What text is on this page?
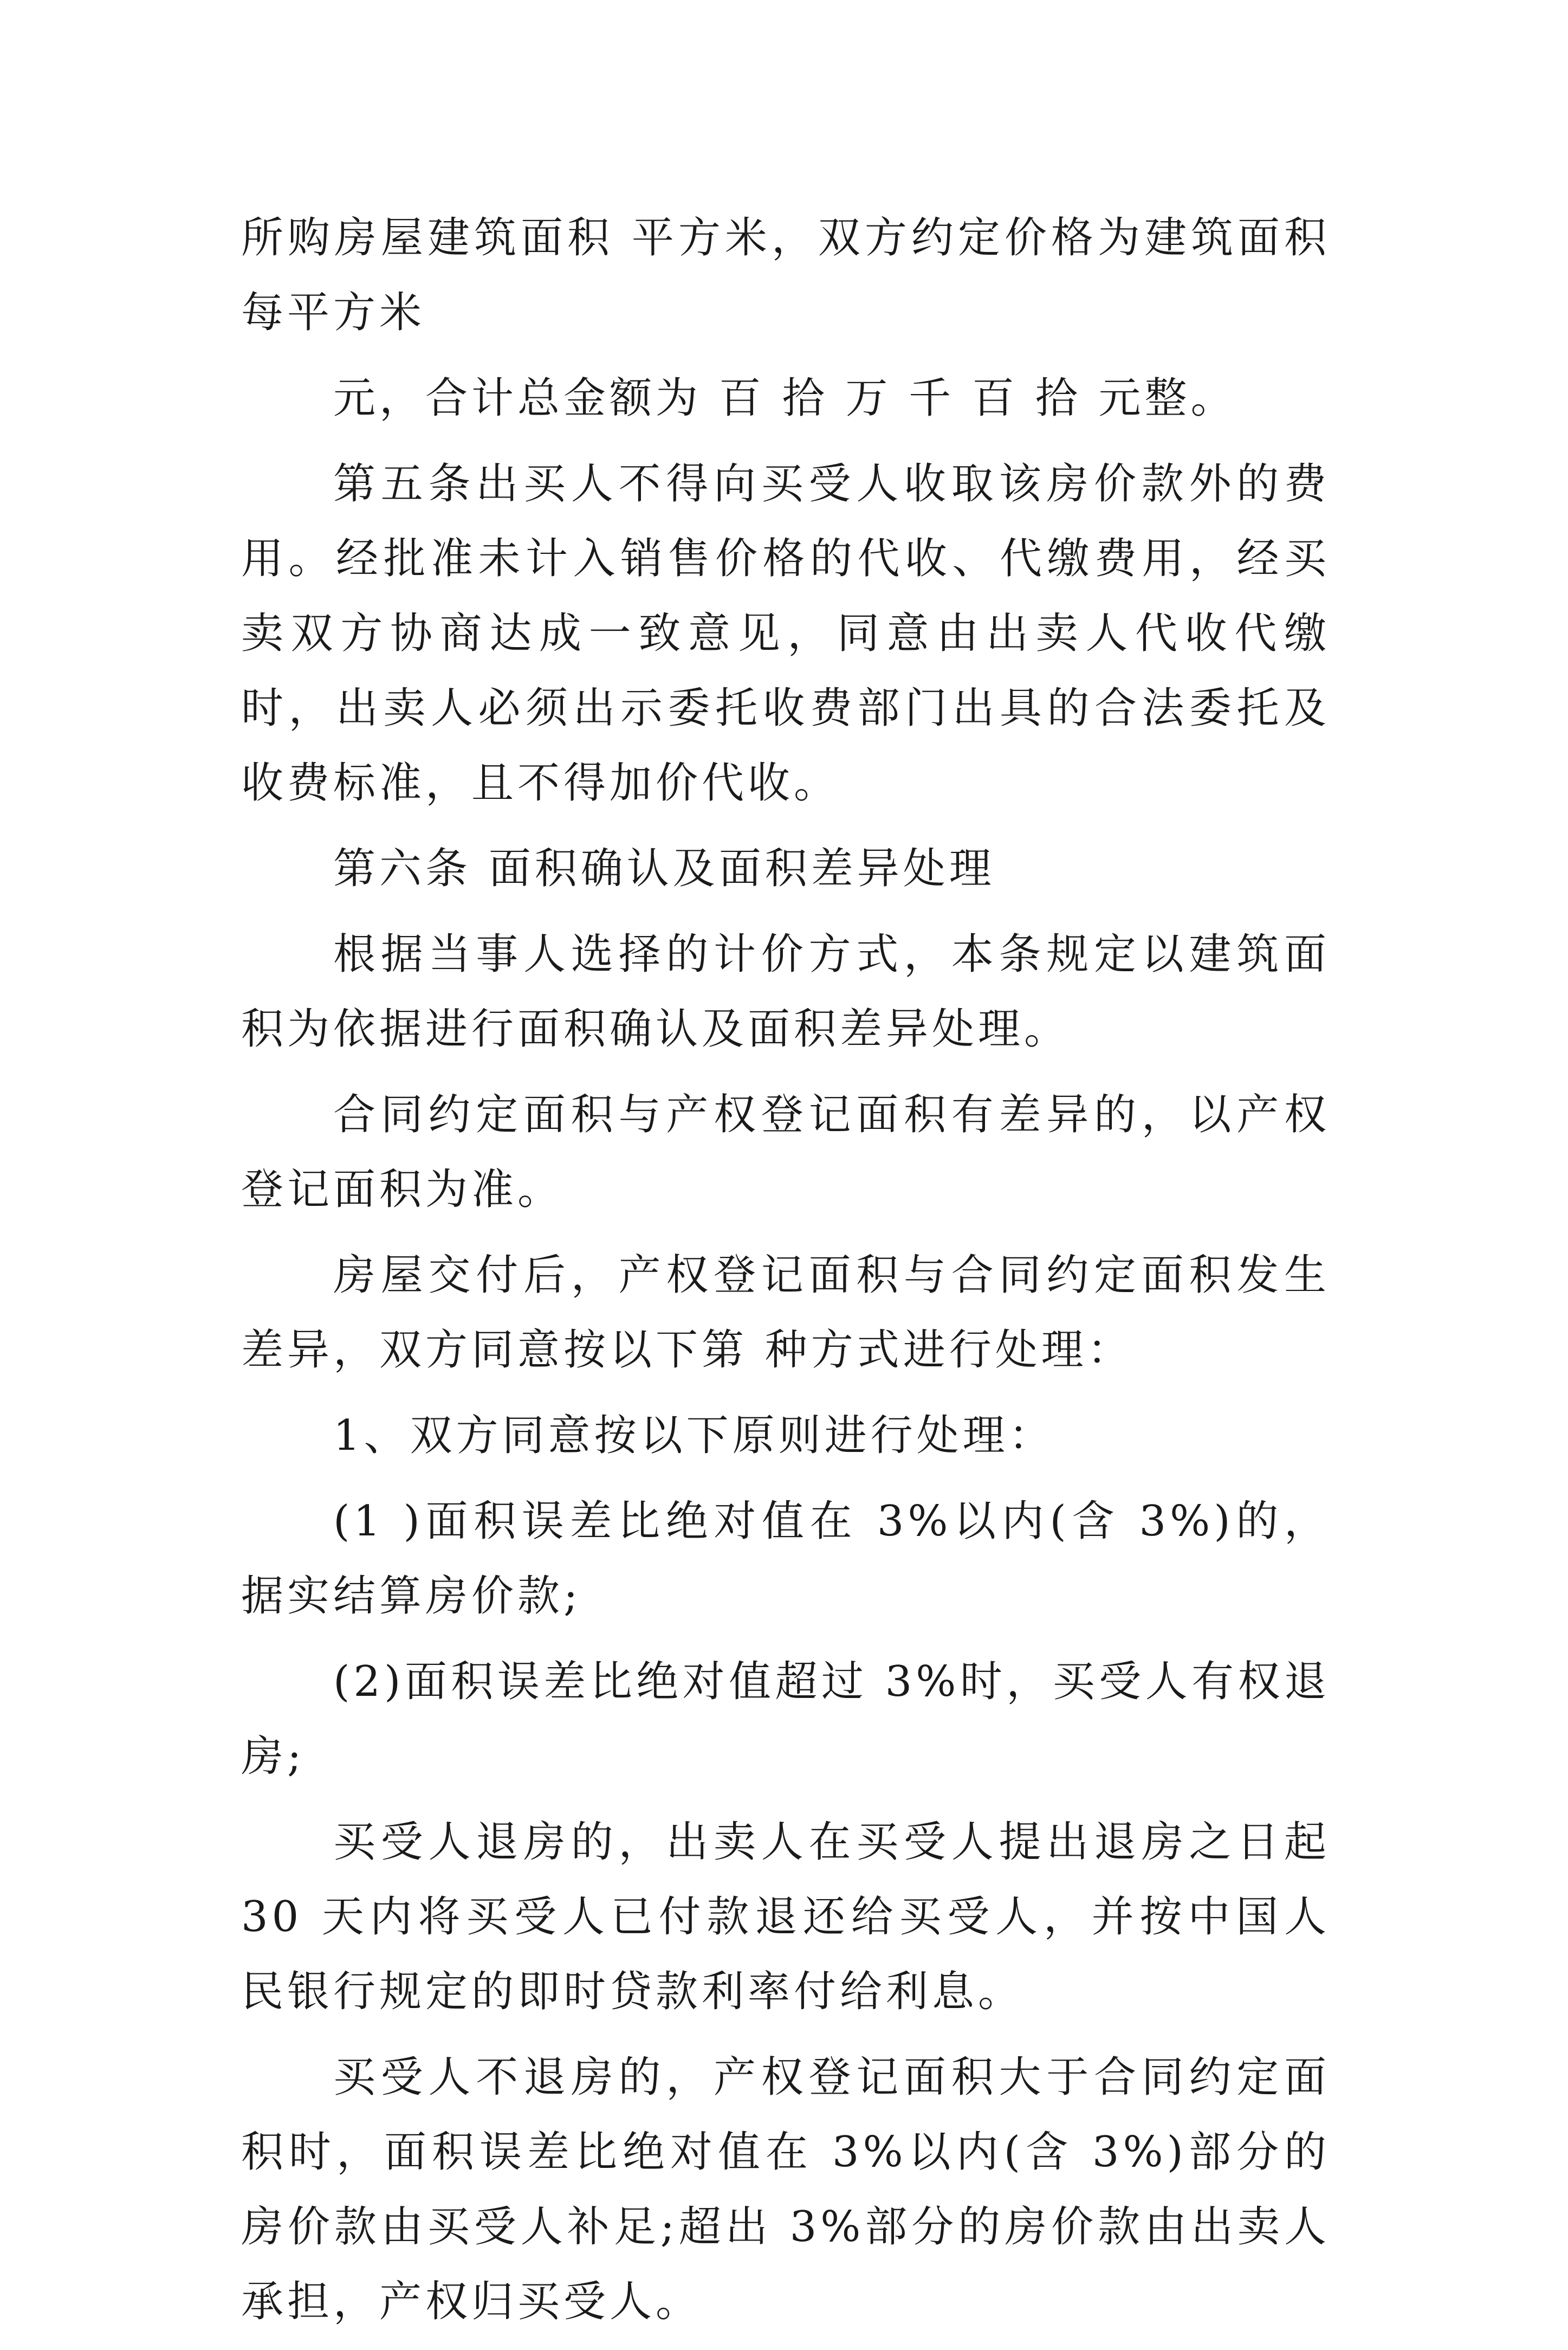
所购房屋建筑面积 平方米，双方约定价格为建筑面积每平方米

元，合计总金额为 百 拾 万 千 百 拾 元整。

第五条出买人不得向买受人收取该房价款外的费用。经批准未计入销售价格的代收、代缴费用，经买卖双方协商达成一致意见，同意由出卖人代收代缴时，出卖人必须出示委托收费部门出具的合法委托及收费标准，且不得加价代收。

第六条 面积确认及面积差异处理

根据当事人选择的计价方式，本条规定以建筑面积为依据进行面积确认及面积差异处理。

合同约定面积与产权登记面积有差异的，以产权登记面积为准。

房屋交付后，产权登记面积与合同约定面积发生差异，双方同意按以下第 种方式进行处理：

1、双方同意按以下原则进行处理：

(1 )面积误差比绝对值在 3%以内(含 3%)的，据实结算房价款;

(2)面积误差比绝对值超过 3%时，买受人有权退房;

买受人退房的，出卖人在买受人提出退房之日起 30 天内将买受人已付款退还给买受人，并按中国人民银行规定的即时贷款利率付给利息。

买受人不退房的，产权登记面积大于合同约定面积时，面积误差比绝对值在 3%以内(含 3%)部分的房价款由买受人补足;超出 3%部分的房价款由出卖人承担，产权归买受人。
